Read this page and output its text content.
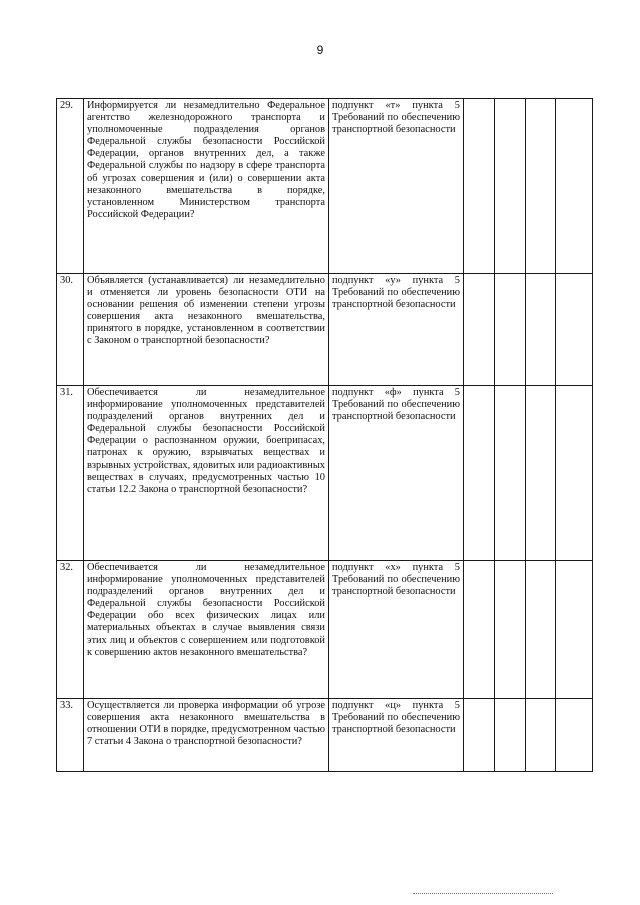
9
29.	Информируется ли незамедлительно Федеральное агентство железнодорожного транспорта и уполномоченные подразделения органов Федеральной службы безопасности Российской Федерации, органов внутренних дел, а также Федеральной службы по надзору в сфере транспорта об угрозах совершения и (или) о совершении акта незаконного вмешательства в порядке, установленном Министерством транспорта Российской Федерации?	подпункт «т» пункта 5 Требований по обеспечению транспортной безопасности				
30.	Объявляется (устанавливается) ли незамедлительно и отменяется ли уровень безопасности ОТИ на основании решения об изменении степени угрозы совершения акта незаконного вмешательства, принятого в порядке, установленном в соответствии с Законом о транспортной безопасности?	подпункт «у» пункта 5 Требований по обеспечению транспортной безопасности				
31.	Обеспечивается ли незамедлительное информирование уполномоченных представителей подразделений органов внутренних дел и Федеральной службы безопасности Российской Федерации о распознанном оружии, боеприпасах, патронах к оружию, взрывчатых веществах и взрывных устройствах, ядовитых или радиоактивных веществах в случаях, предусмотренных частью 10 статьи 12.2 Закона о транспортной безопасности?	подпункт «ф» пункта 5 Требований по обеспечению транспортной безопасности				
32.	Обеспечивается ли незамедлительное информирование уполномоченных представителей подразделений органов внутренних дел и Федеральной службы безопасности Российской Федерации обо всех физических лицах или материальных объектах в случае выявления связи этих лиц и объектов с совершением или подготовкой к совершению актов незаконного вмешательства?	подпункт «х» пункта 5 Требований по обеспечению транспортной безопасности				
33.	Осуществляется ли проверка информации об угрозе совершения акта незаконного вмешательства в отношении ОТИ в порядке, предусмотренном частью 7 статьи 4 Закона о транспортной безопасности?	подпункт «ц» пункта 5 Требований по обеспечению транспортной безопасности				
